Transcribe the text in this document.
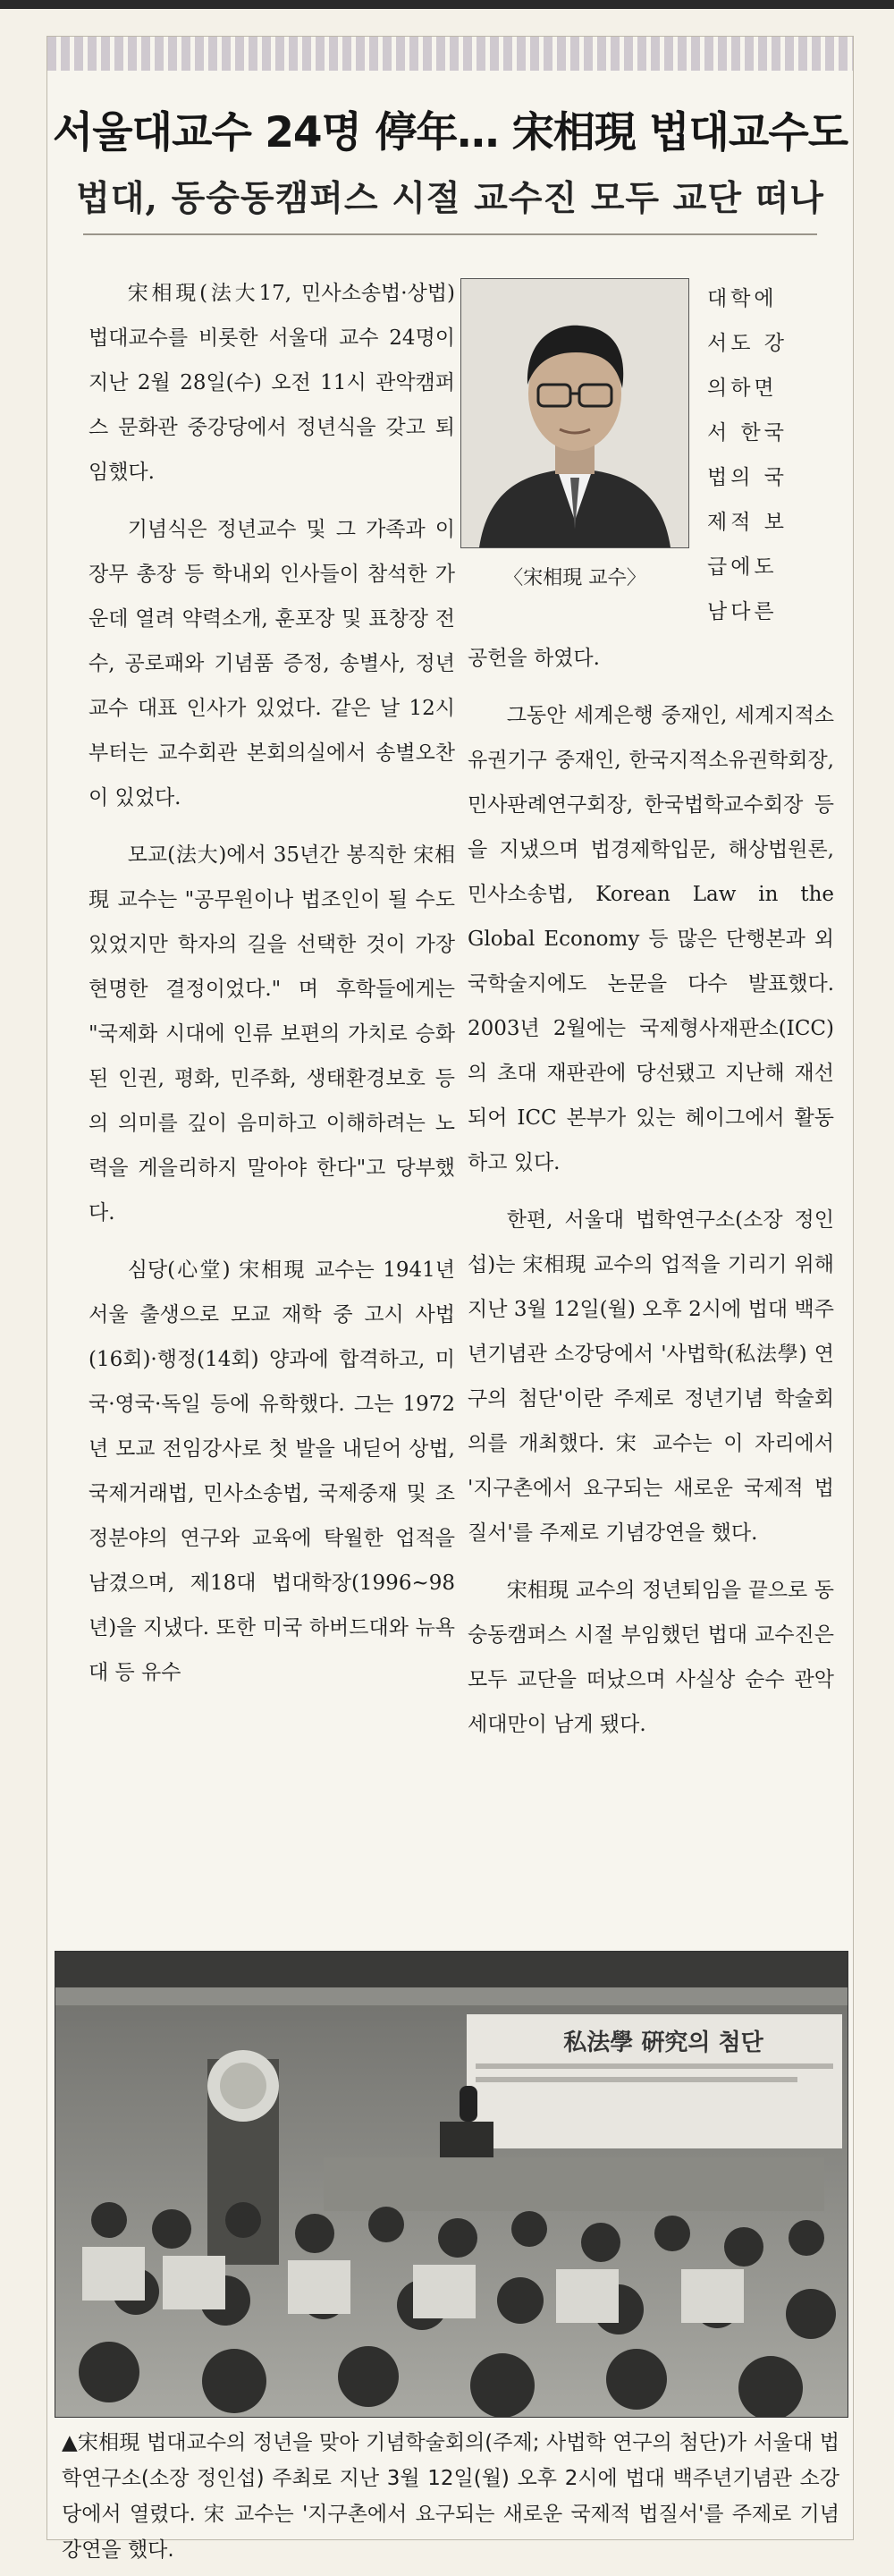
서울대교수 24명 停年… 宋相現 법대교수도
법대, 동숭동캠퍼스 시절 교수진 모두 교단 떠나

宋相現(法大17, 민사소송법·상법) 법대교수를 비롯한 서울대 교수 24명이 지난 2월 28일(수) 오전 11시 관악캠퍼스 문화관 중강당에서 정년식을 갖고 퇴임했다.

기념식은 정년교수 및 그 가족과 이장무 총장 등 학내외 인사들이 참석한 가운데 열려 약력소개, 훈포장 및 표창장 전수, 공로패와 기념품 증정, 송별사, 정년교수 대표 인사가 있었다. 같은 날 12시부터는 교수회관 본회의실에서 송별오찬이 있었다.

모교(法大)에서 35년간 봉직한 宋相現 교수는 "공무원이나 법조인이 될 수도 있었지만 학자의 길을 선택한 것이 가장 현명한 결정이었다." 며 후학들에게는 "국제화 시대에 인류 보편의 가치로 승화된 인권, 평화, 민주화, 생태환경보호 등의 의미를 깊이 음미하고 이해하려는 노력을 게을리하지 말아야 한다"고 당부했다.

심당(心堂) 宋相現 교수는 1941년 서울 출생으로 모교 재학 중 고시 사법(16회)·행정(14회) 양과에 합격하고, 미국·영국·독일 등에 유학했다. 그는 1972년 모교 전임강사로 첫 발을 내딛어 상법, 국제거래법, 민사소송법, 국제중재 및 조정분야의 연구와 교육에 탁월한 업적을 남겼으며, 제18대 법대학장(1996~98년)을 지냈다. 또한 미국 하버드대와 뉴욕대 등 유수

〈宋相現 교수〉
대학에
서도 강
의하면
서 한국
법의 국
제적 보
급에도
남다른

공헌을 하였다.

그동안 세계은행 중재인, 세계지적소유권기구 중재인, 한국지적소유권학회장, 민사판례연구회장, 한국법학교수회장 등을 지냈으며 법경제학입문, 해상법원론, 민사소송법, Korean Law in the Global Economy 등 많은 단행본과 외국학술지에도 논문을 다수 발표했다. 2003년 2월에는 국제형사재판소(ICC)의 초대 재판관에 당선됐고 지난해 재선되어 ICC 본부가 있는 헤이그에서 활동하고 있다.

한편, 서울대 법학연구소(소장 정인섭)는 宋相現 교수의 업적을 기리기 위해 지난 3월 12일(월) 오후 2시에 법대 백주년기념관 소강당에서 '사법학(私法學) 연구의 첨단'이란 주제로 정년기념 학술회의를 개최했다. 宋 교수는 이 자리에서 '지구촌에서 요구되는 새로운 국제적 법질서'를 주제로 기념강연을 했다.

宋相現 교수의 정년퇴임을 끝으로 동숭동캠퍼스 시절 부임했던 법대 교수진은 모두 교단을 떠났으며 사실상 순수 관악 세대만이 남게 됐다.

私法學 硏究의 첨단
▲宋相現 법대교수의 정년을 맞아 기념학술회의(주제; 사법학 연구의 첨단)가 서울대 법학연구소(소장 정인섭) 주최로 지난 3월 12일(월) 오후 2시에 법대 백주년기념관 소강당에서 열렸다. 宋 교수는 '지구촌에서 요구되는 새로운 국제적 법질서'를 주제로 기념강연을 했다.
